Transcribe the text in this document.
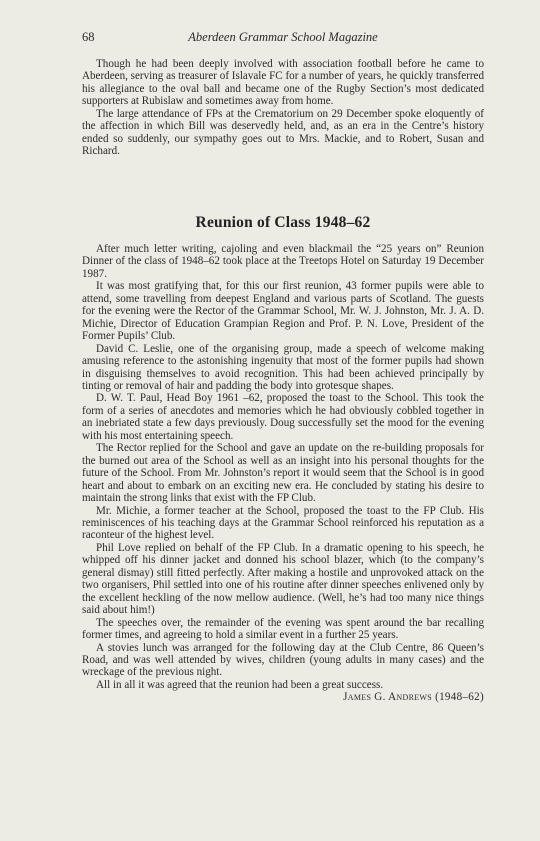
68	Aberdeen Grammar School Magazine

Though he had been deeply involved with association football before he came to Aberdeen, serving as treasurer of Islavale FC for a number of years, he quickly transferred his allegiance to the oval ball and became one of the Rugby Section’s most dedicated supporters at Rubislaw and sometimes away from home.

The large attendance of FPs at the Crematorium on 29 December spoke eloquently of the affection in which Bill was deservedly held, and, as an era in the Centre’s history ended so suddenly, our sympathy goes out to Mrs. Mackie, and to Robert, Susan and Richard.

Reunion of Class 1948–62

After much letter writing, cajoling and even blackmail the “25 years on” Reunion Dinner of the class of 1948–62 took place at the Treetops Hotel on Saturday 19 December 1987.

It was most gratifying that, for this our first reunion, 43 former pupils were able to attend, some travelling from deepest England and various parts of Scotland. The guests for the evening were the Rector of the Grammar School, Mr. W. J. Johnston, Mr. J. A. D. Michie, Director of Education Grampian Region and Prof. P. N. Love, President of the Former Pupils’ Club.

David C. Leslie, one of the organising group, made a speech of welcome making amusing reference to the astonishing ingenuity that most of the former pupils had shown in disguising themselves to avoid recognition. This had been achieved principally by tinting or removal of hair and padding the body into grotesque shapes.

D. W. T. Paul, Head Boy 1961 –62, proposed the toast to the School. This took the form of a series of anecdotes and memories which he had obviously cobbled together in an inebriated state a few days previously. Doug successfully set the mood for the evening with his most entertaining speech.

The Rector replied for the School and gave an update on the re-building proposals for the burned out area of the School as well as an insight into his personal thoughts for the future of the School. From Mr. Johnston’s report it would seem that the School is in good heart and about to embark on an exciting new era. He concluded by stating his desire to maintain the strong links that exist with the FP Club.

Mr. Michie, a former teacher at the School, proposed the toast to the FP Club. His reminiscences of his teaching days at the Grammar School reinforced his reputation as a raconteur of the highest level.

Phil Love replied on behalf of the FP Club. In a dramatic opening to his speech, he whipped off his dinner jacket and donned his school blazer, which (to the company’s general dismay) still fitted perfectly. After making a hostile and unprovoked attack on the two organisers, Phil settled into one of his routine after dinner speeches enlivened only by the excellent heckling of the now mellow audience. (Well, he’s had too many nice things said about him!)

The speeches over, the remainder of the evening was spent around the bar recalling former times, and agreeing to hold a similar event in a further 25 years.

A stovies lunch was arranged for the following day at the Club Centre, 86 Queen’s Road, and was well attended by wives, children (young adults in many cases) and the wreckage of the previous night.

All in all it was agreed that the reunion had been a great success.

James G. Andrews (1948–62)
